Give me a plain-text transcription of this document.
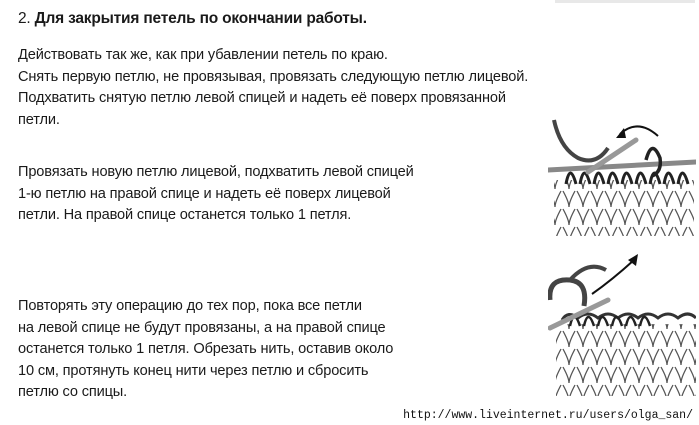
2. Для закрытия петель по окончании работы.
Действовать так же, как при убавлении петель по краю.
Снять первую петлю, не провязывая, провязать следующую петлю лицевой.
Подхватить снятую петлю левой спицей и надеть её поверх провязанной
петли.
Провязать новую петлю лицевой, подхватить левой спицей
1-ю петлю на правой спице и надеть её поверх лицевой
петли. На правой спице останется только 1 петля.
Повторять эту операцию до тех пор, пока все петли
на левой спице не будут провязаны, а на правой спице
останется только 1 петля. Обрезать нить, оставив около
10 см, протянуть конец нити через петлю и сбросить
петлю со спицы.
http://www.liveinternet.ru/users/olga_san/
